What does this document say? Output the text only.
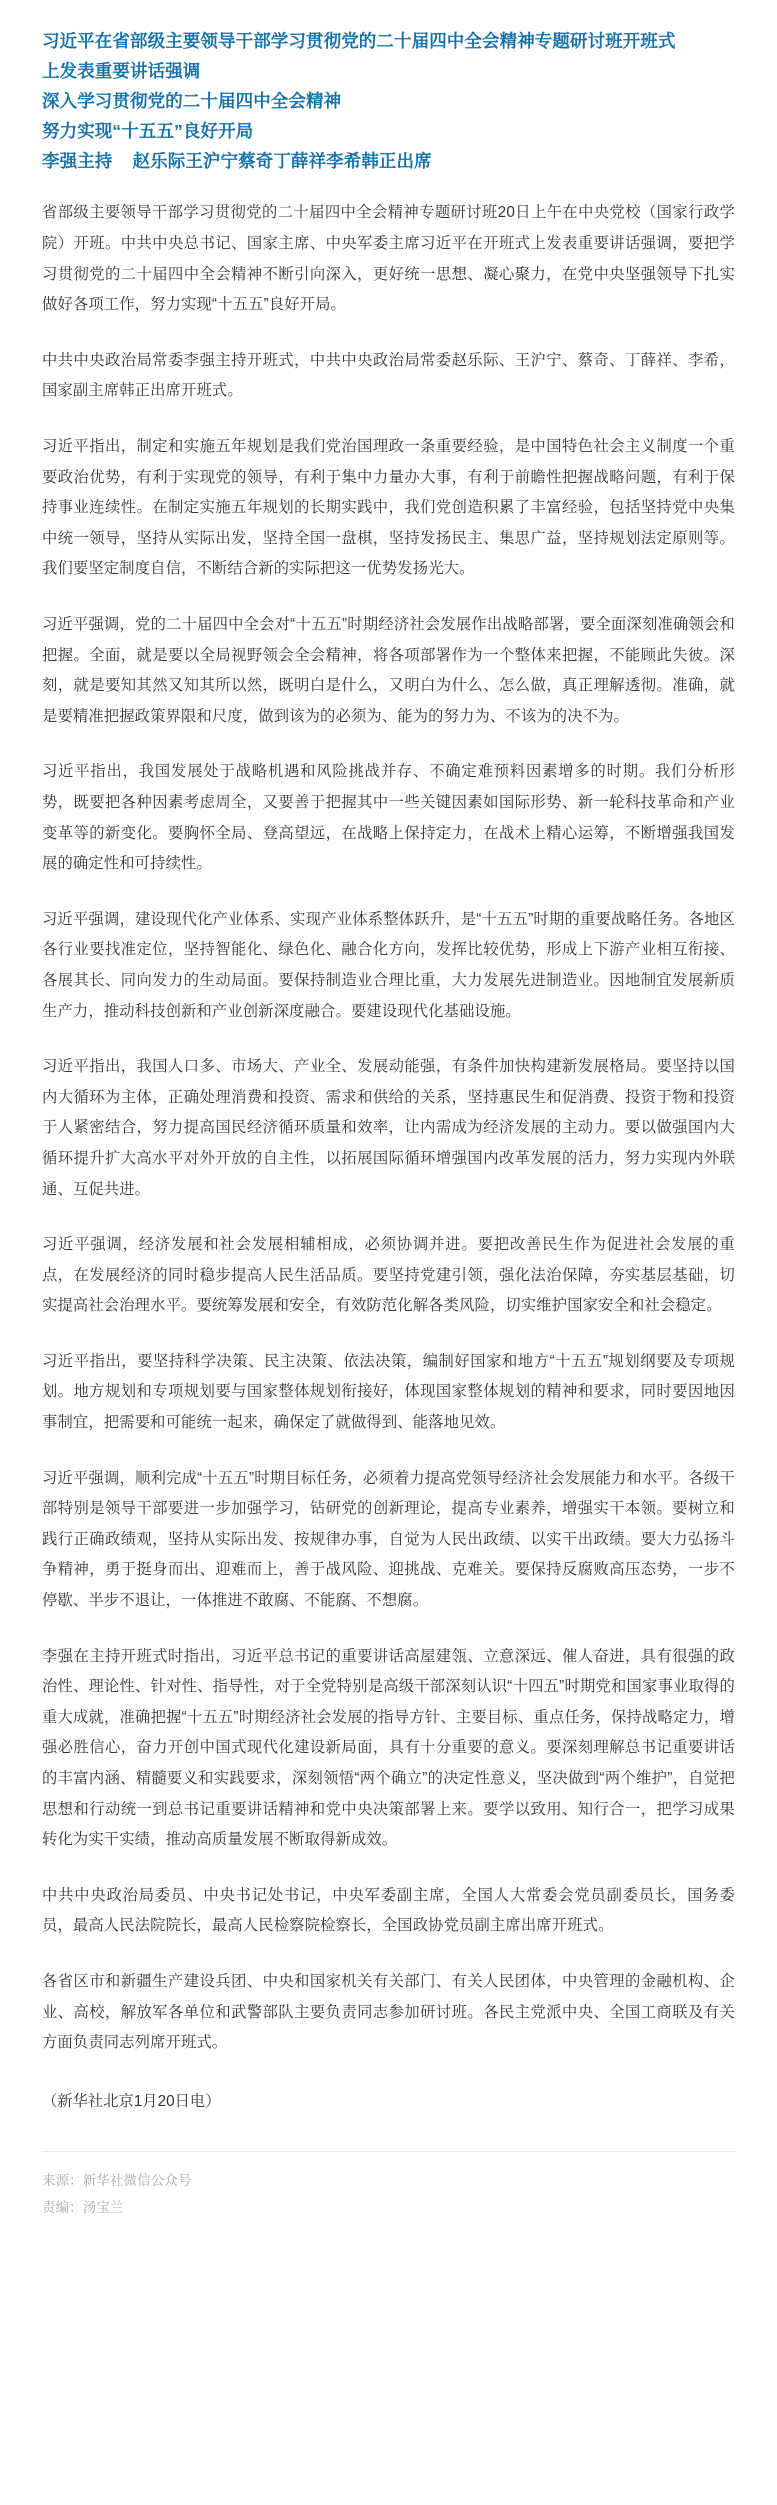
习近平在省部级主要领导干部学习贯彻党的二十届四中全会精神专题研讨班开班式
上发表重要讲话强调
深入学习贯彻党的二十届四中全会精神
努力实现“十五五”良好开局
李强主持 赵乐际王沪宁蔡奇丁薛祥李希韩正出席

省部级主要领导干部学习贯彻党的二十届四中全会精神专题研讨班20日上午在中央党校（国家行政学院）开班。中共中央总书记、国家主席、中央军委主席习近平在开班式上发表重要讲话强调，要把学习贯彻党的二十届四中全会精神不断引向深入，更好统一思想、凝心聚力，在党中央坚强领导下扎实做好各项工作，努力实现“十五五”良好开局。

中共中央政治局常委李强主持开班式，中共中央政治局常委赵乐际、王沪宁、蔡奇、丁薛祥、李希，国家副主席韩正出席开班式。

习近平指出，制定和实施五年规划是我们党治国理政一条重要经验，是中国特色社会主义制度一个重要政治优势，有利于实现党的领导，有利于集中力量办大事，有利于前瞻性把握战略问题，有利于保持事业连续性。在制定实施五年规划的长期实践中，我们党创造积累了丰富经验，包括坚持党中央集中统一领导，坚持从实际出发，坚持全国一盘棋，坚持发扬民主、集思广益，坚持规划法定原则等。我们要坚定制度自信，不断结合新的实际把这一优势发扬光大。

习近平强调，党的二十届四中全会对“十五五”时期经济社会发展作出战略部署，要全面深刻准确领会和把握。全面，就是要以全局视野领会全会精神，将各项部署作为一个整体来把握，不能顾此失彼。深刻，就是要知其然又知其所以然，既明白是什么，又明白为什么、怎么做，真正理解透彻。准确，就是要精准把握政策界限和尺度，做到该为的必须为、能为的努力为、不该为的决不为。

习近平指出，我国发展处于战略机遇和风险挑战并存、不确定难预料因素增多的时期。我们分析形势，既要把各种因素考虑周全，又要善于把握其中一些关键因素如国际形势、新一轮科技革命和产业变革等的新变化。要胸怀全局、登高望远，在战略上保持定力，在战术上精心运筹，不断增强我国发展的确定性和可持续性。

习近平强调，建设现代化产业体系、实现产业体系整体跃升，是“十五五”时期的重要战略任务。各地区各行业要找准定位，坚持智能化、绿色化、融合化方向，发挥比较优势，形成上下游产业相互衔接、各展其长、同向发力的生动局面。要保持制造业合理比重，大力发展先进制造业。因地制宜发展新质生产力，推动科技创新和产业创新深度融合。要建设现代化基础设施。

习近平指出，我国人口多、市场大、产业全、发展动能强，有条件加快构建新发展格局。要坚持以国内大循环为主体，正确处理消费和投资、需求和供给的关系，坚持惠民生和促消费、投资于物和投资于人紧密结合，努力提高国民经济循环质量和效率，让内需成为经济发展的主动力。要以做强国内大循环提升扩大高水平对外开放的自主性，以拓展国际循环增强国内改革发展的活力，努力实现内外联通、互促共进。

习近平强调，经济发展和社会发展相辅相成，必须协调并进。要把改善民生作为促进社会发展的重点，在发展经济的同时稳步提高人民生活品质。要坚持党建引领，强化法治保障，夯实基层基础，切实提高社会治理水平。要统筹发展和安全，有效防范化解各类风险，切实维护国家安全和社会稳定。

习近平指出，要坚持科学决策、民主决策、依法决策，编制好国家和地方“十五五”规划纲要及专项规划。地方规划和专项规划要与国家整体规划衔接好，体现国家整体规划的精神和要求，同时要因地因事制宜，把需要和可能统一起来，确保定了就做得到、能落地见效。

习近平强调，顺利完成“十五五”时期目标任务，必须着力提高党领导经济社会发展能力和水平。各级干部特别是领导干部要进一步加强学习，钻研党的创新理论，提高专业素养，增强实干本领。要树立和践行正确政绩观，坚持从实际出发、按规律办事，自觉为人民出政绩、以实干出政绩。要大力弘扬斗争精神，勇于挺身而出、迎难而上，善于战风险、迎挑战、克难关。要保持反腐败高压态势，一步不停歇、半步不退让，一体推进不敢腐、不能腐、不想腐。

李强在主持开班式时指出，习近平总书记的重要讲话高屋建瓴、立意深远、催人奋进，具有很强的政治性、理论性、针对性、指导性，对于全党特别是高级干部深刻认识“十四五”时期党和国家事业取得的重大成就，准确把握“十五五”时期经济社会发展的指导方针、主要目标、重点任务，保持战略定力，增强必胜信心，奋力开创中国式现代化建设新局面，具有十分重要的意义。要深刻理解总书记重要讲话的丰富内涵、精髓要义和实践要求，深刻领悟“两个确立”的决定性意义，坚决做到“两个维护”，自觉把思想和行动统一到总书记重要讲话精神和党中央决策部署上来。要学以致用、知行合一，把学习成果转化为实干实绩，推动高质量发展不断取得新成效。

中共中央政治局委员、中央书记处书记，中央军委副主席，全国人大常委会党员副委员长，国务委员，最高人民法院院长，最高人民检察院检察长，全国政协党员副主席出席开班式。

各省区市和新疆生产建设兵团、中央和国家机关有关部门、有关人民团体，中央管理的金融机构、企业、高校，解放军各单位和武警部队主要负责同志参加研讨班。各民主党派中央、全国工商联及有关方面负责同志列席开班式。

（新华社北京1月20日电）

来源：新华社微信公众号

责编：汤宝兰
